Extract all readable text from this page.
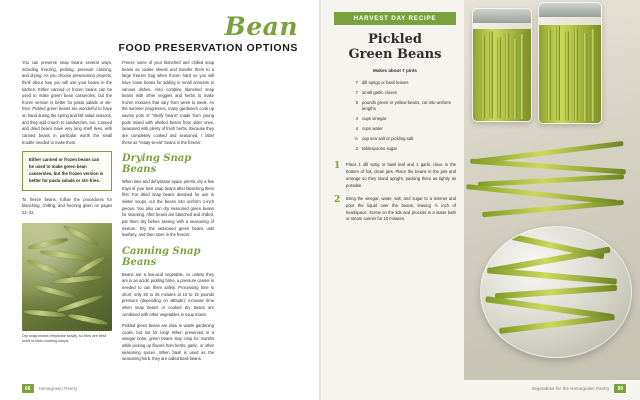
Bean
FOOD PRESERVATION OPTIONS

You can preserve snap beans several ways, including freezing, pickling, pressure canning, and drying. As you choose preservation projects, think about how you will use your beans in the kitchen. Either canned or frozen beans can be used to make green bean casseroles, but the frozen version is better for pasta salads or stir-fries. Pickled green beans are wonderful to have on hand during the spring and fall salad seasons, and they add crunch to sandwiches, too. Canned and dried beans have very long shelf lives, with canned beans in particular worth the small trouble needed to make them.

Either canned or frozen beans can be used to make green bean casseroles, but the frozen version is better for pasta salads or stir-fries.

To freeze beans, follow the procedures for blanching, chilling, and freezing given on pages 21–22.

Dry snap beans rehydrate slowly, so they are best used is slow-cooking soups.

Freeze some of your blanched and chilled snap beans as cookie sheets and transfer them to a large freezer bag when frozen hard so you will have loose beans for adding in small amounts to various dishes. Also combine blanched snap beans with other veggies and herbs to make frozen mixtures that vary from week to week. As the summer progresses, many gardeners cook up savory pots of “shelly beans” made from young pods mixed with shelled beans from older ones, seasoned with plenty of fresh herbs. Because they are completely cooked and seasoned, I label these as “ready-to-eat” beans in the freezer.

Drying Snap Beans

When time and dehydrator space permit, dry a few trays of your best snap beans after blanching them first. For dried snap beans destined for use in winter soups, cut the beans into uniform 1-inch pieces. You also can dry seasoned green beans for snacking. After beans are blanched and chilled, pat them dry before tossing with a seasoning of mixture. Dry the seasoned green beans until leathery, and then store in the freezer.

Canning Snap Beans

Beans are a low-acid vegetable, so unless they are in an acidic pickling brine, a pressure canner is needed to can them safely. Processing time is short, only 20 to 25 minutes at 10 to 15 pounds pressure (depending on altitude); increase time when snap beans or cooked dry beans are combined with other vegetables in soup mixes.

Pickled green beans are slow to waste gardening cooks, but not for long! When preserved in a vinegar brine, green beans stay crisp for months while picking up flavors from herbs, garlic, or other seasoning spices. When basil is used as the seasoning herb, they are called basil beans.

66	Homegrown Pantry
HARVEST DAY RECIPE
Pickled
Green Beans
Makes about 7 pints
7 dill sprigs or basil leaves
7 small garlic cloves
5 pounds green or yellow beans, cut into uniform lengths
4 cups vinegar
4 cups water
½ cup sea salt or pickling salt
2 tablespoons sugar
1	Place 1 dill sprig or basil leaf and 1 garlic clove in the bottom of hot, clean jars. Place the beans in the jars and arrange so they stand upright, packing them as tightly as possible.
2	Bring the vinegar, water, salt, and sugar to a simmer and pour the liquid over the beans, leaving ½ inch of headspace. Screw on the lids and process in a water bath or steam canner for 10 minutes.
Vegetables for the Homegrown Pantry	99
